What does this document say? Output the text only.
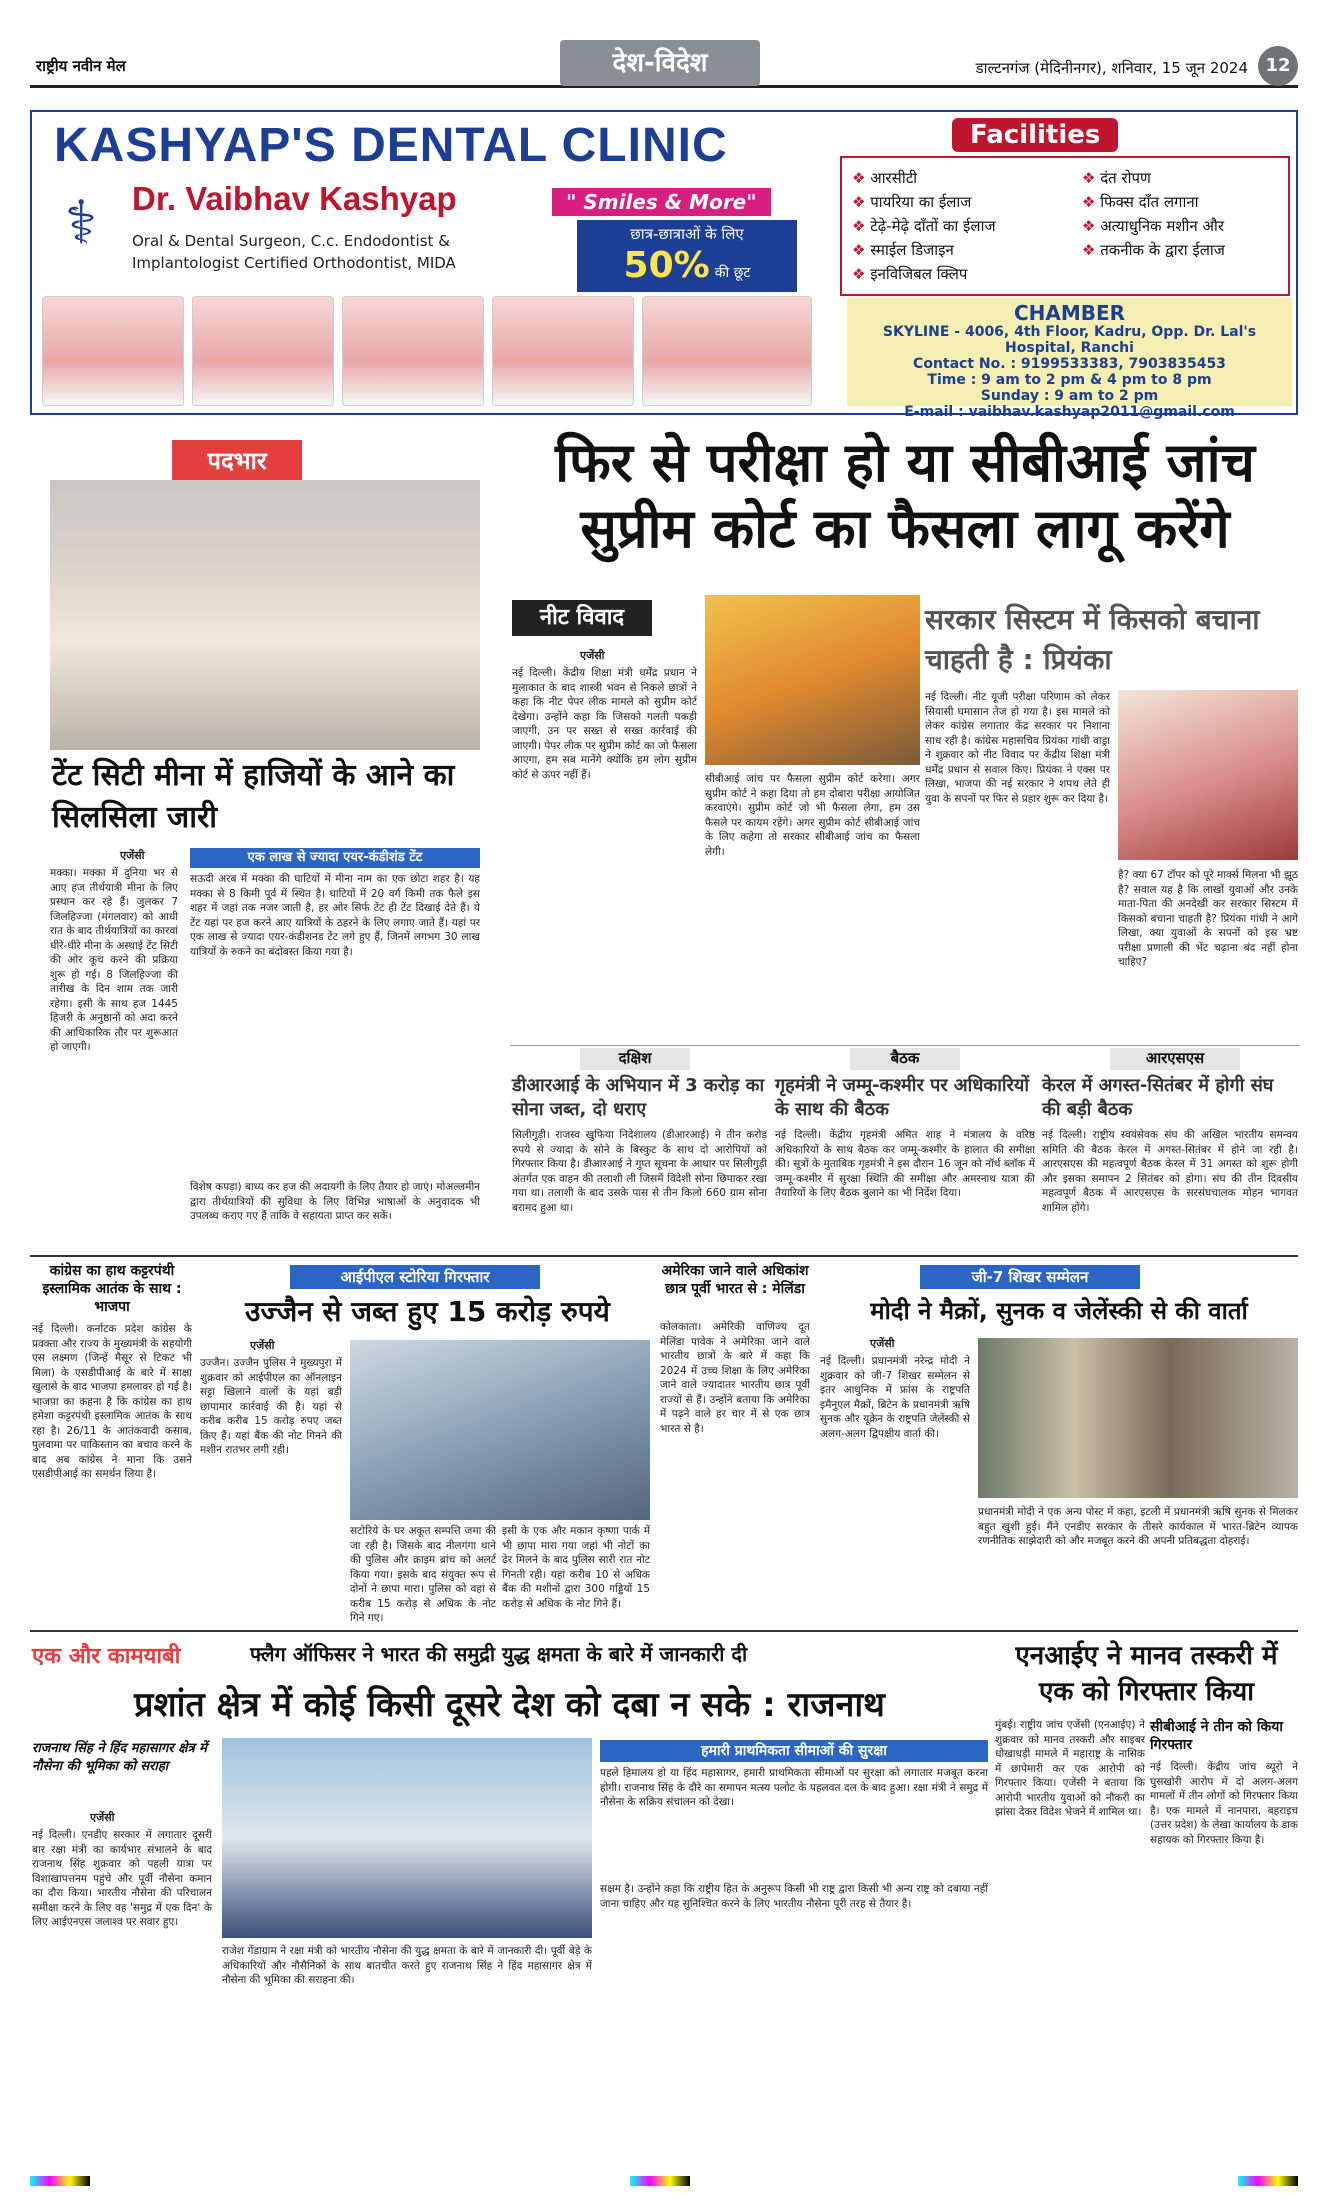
राष्ट्रीय नवीन मेल	देश-विदेश	डाल्टनगंज (मेदिनीनगर), शनिवार, 15 जून 2024 12
KASHYAP'S DENTAL CLINIC
⚕	Dr. Vaibhav Kashyap
Oral & Dental Surgeon, C.c. Endodontist &
Implantologist Certified Orthodontist, MIDA
" Smiles & More"
छात्र-छात्राओं के लिए
50% की छूट
Facilities
❖ आरसीटी
❖ पायरिया का ईलाज
❖ टेढ़े-मेढ़े दाँतों का ईलाज
❖ स्माईल डिजाइन
❖ इनविजिबल क्लिप
❖ दंत रोपण
❖ फिक्स दाँत लगाना
❖ अत्याधुनिक मशीन और
❖ तकनीक के द्वारा ईलाज
CHAMBER
SKYLINE - 4006, 4th Floor, Kadru, Opp. Dr. Lal's Hospital, Ranchi
Contact No. : 9199533383, 7903835453
Time : 9 am to 2 pm & 4 pm to 8 pm
Sunday : 9 am to 2 pm
E-mail : vaibhav.kashyap2011@gmail.com
पदभार
टेंट सिटी मीना में हाजियों के आने का सिलसिला जारी
एजेंसी
मक्का। मक्का में दुनिया भर से आए हज तीर्थयात्री मीना के लिए प्रस्थान कर रहे हैं। जुलकर 7 जिलहिज्जा (मंगलवार) को आधी रात के बाद तीर्थयात्रियों का कारवां धीरे-धीरे मीना के अस्थाई टेंट सिटी की ओर कूच करने की प्रक्रिया शुरू हो गई। 8 जिलहिज्जा की तारीख के दिन शाम तक जारी रहेगा। इसी के साथ हज 1445 हिजरी के अनुष्ठानों को अदा करने की आधिकारिक तौर पर शुरूआत हो जाएगी।
एक लाख से ज्यादा एयर-कंडीशंड टेंट
सऊदी अरब में मक्का की घाटियों में मीना नाम का एक छोटा शहर है। यह मक्का से 8 किमी पूर्व में स्थित है। घाटियों में 20 वर्ग किमी तक फैले इस शहर में जहां तक नजर जाती है, हर ओर सिर्फ टेंट ही टेंट दिखाई देते हैं। ये टेंट यहां पर हज करने आए यात्रियों के ठहरने के लिए लगाए जाते हैं। यहां पर एक लाख से ज्यादा एयर-कंडीशनड टेंट लगे हुए हैं, जिनमें लगभग 30 लाख यात्रियों के रुकने का बंदोबस्त किया गया है।
विशेष कपड़ा) बाध्य कर हज की अदायगी के लिए तैयार हो जाएं। मोअल्लमीन द्वारा तीर्थयात्रियों की सुविधा के लिए विभिन्न भाषाओं के अनुवादक भी उपलब्ध कराए गए हैं ताकि वे सहायता प्राप्त कर सकें।
फिर से परीक्षा हो या सीबीआई जांच
सुप्रीम कोर्ट का फैसला लागू करेंगे
नीट विवाद
एजेंसी
नई दिल्ली। केंद्रीय शिक्षा मंत्री धर्मेंद्र प्रधान ने मुलाकात के बाद शास्त्री भवन से निकले छात्रों ने कहा कि नीट पेपर लीक मामले को सुप्रीम कोर्ट देखेगा। उन्होंने कहा कि जिसको गलती पकड़ी जाएगी, उन पर सख्त से सख्त कार्रवाई की जाएगी। पेपर लीक पर सुप्रीम कोर्ट का जो फैसला आएगा, हम सब मानेंगे क्योंकि हम लोग सुप्रीम कोर्ट से ऊपर नहीं हैं।	सीबीआई जांच पर फैसला सुप्रीम कोर्ट करेगा। अगर सुप्रीम कोर्ट ने कहा दिया तो हम दोबारा परीक्षा आयोजित करवाएंगे। सुप्रीम कोर्ट जो भी फैसला लेगा, हम उस फैसले पर कायम रहेंगे। अगर सुप्रीम कोर्ट सीबीआई जांच के लिए कहेगा तो सरकार सीबीआई जांच का फैसला लेगी।
सरकार सिस्टम में किसको बचाना चाहती है : प्रियंका
नई दिल्ली। नीट यूजी परीक्षा परिणाम को लेकर सियासी घमासान तेज हो गया है। इस मामले को लेकर कांग्रेस लगातार केंद्र सरकार पर निशाना साध रही है। कांग्रेस महासचिव प्रियंका गांधी वाड्रा ने शुक्रवार को नीट विवाद पर केंद्रीय शिक्षा मंत्री धर्मेंद्र प्रधान से सवाल किए। प्रियंका ने एक्स पर लिखा, भाजपा की नई सरकार ने शपथ लेते ही युवा के सपनों पर फिर से प्रहार शुरू कर दिया है।
है? क्या 67 टॉपर को पूरे मार्क्स मिलना भी झूठ है? सवाल यह है कि लाखों युवाओं और उनके माता-पिता की अनदेखी कर सरकार सिस्टम में किसको बचाना चाहती है? प्रियंका गांधी ने आगे लिखा, क्या युवाओं के सपनों को इस भ्रष्ट परीक्षा प्रणाली की भेंट चढ़ाना बंद नहीं होना चाहिए?
दक्षिश
डीआरआई के अभियान में 3 करोड़ का सोना जब्त, दो धराए
सिलीगुड़ी। राजस्व खुफिया निदेशालय (डीआरआई) ने तीन करोड़ रुपये से ज्यादा के सोने के बिस्कुट के साथ दो आरोपियों को गिरफ्तार किया है। डीआरआई ने गुप्त सूचना के आधार पर सिलीगुड़ी अंतर्गत एक वाहन की तलाशी ली जिसमें विदेशी सोना छिपाकर रखा गया था। तलाशी के बाद उसके पास से तीन किलो 660 ग्राम सोना बरामद हुआ था।
बैठक
गृहमंत्री ने जम्मू-कश्मीर पर अधिकारियों के साथ की बैठक
नई दिल्ली। केंद्रीय गृहमंत्री अमित शाह ने मंत्रालय के वरिष्ठ अधिकारियों के साथ बैठक कर जम्मू-कश्मीर के हालात की समीक्षा की। सूत्रों के मुताबिक गृहमंत्री ने इस दौरान 16 जून को नॉर्थ ब्लॉक में जम्मू-कश्मीर में सुरक्षा स्थिति की समीक्षा और अमरनाथ यात्रा की तैयारियों के लिए बैठक बुलाने का भी निर्देश दिया।
आरएसएस
केरल में अगस्त-सितंबर में होगी संघ की बड़ी बैठक
नई दिल्ली। राष्ट्रीय स्वयंसेवक संघ की अखिल भारतीय समन्वय समिति की बैठक केरल में अगस्त-सितंबर में होने जा रही है। आरएसएस की महत्वपूर्ण बैठक केरल में 31 अगस्त को शुरू होगी और इसका समापन 2 सितंबर को होगा। संघ की तीन दिवसीय महत्वपूर्ण बैठक में आरएसएस के सरसंघचालक मोहन भागवत शामिल होंगे।
कांग्रेस का हाथ कट्टरपंथी इस्लामिक आतंक के साथ : भाजपा
नई दिल्ली। कर्नाटक प्रदेश कांग्रेस के प्रवक्ता और राज्य के मुख्यमंत्री के सहयोगी एस लक्ष्मण (जिन्हें मैसूर से टिकट भी मिला) के एसडीपीआई के बारे में साक्षा खुलासे के बाद भाजपा हमलावर हो गई है। भाजपा का कहना है कि कांग्रेस का हाथ हमेशा कट्टरपंथी इस्लामिक आतंक के साथ रहा है। 26/11 के आतंकवादी कसाब, पुलवामा पर पाकिस्तान का बचाव करने के बाद अब कांग्रेस ने माना कि उसने एसडीपीआई का समर्थन लिया है।
आईपीएल स्टोरिया गिरफ्तार
उज्जैन से जब्त हुए 15 करोड़ रुपये
एजेंसी
उज्जैन। उज्जैन पुलिस ने मुख्यपुरा में शुक्रवार को आईपीएल का ऑनलाइन सट्टा खिलाने वालों के यहां बड़ी छापामार कार्रवाई की है। यहां से करीब करीब 15 करोड़ रुपए जब्त किए हैं। यहां बैंक की नोट गिनने की मशीन रातभर लगी रही।
सटोरिये के घर अकूत सम्पत्ति जमा की जा रही है। जिसके बाद नीलगंगा थाने की पुलिस और क्राइम ब्रांच को अलर्ट किया गया। इसके बाद संयुक्त रूप से दोनों ने छापा मारा। पुलिस को वहां से करीब 15 करोड़ से अधिक के नोट गिने गए।
इसी के एक और मकान कृष्णा पार्क में भी छापा मारा गया जहां भी नोटों का ढेर मिलने के बाद पुलिस सारी रात नोट गिनती रही। यहां करीब 10 से अधिक बैंक की मशीनों द्वारा 300 गड्डियों 15 करोड़ से अधिक के नोट गिने हैं।
अमेरिका जाने वाले अधिकांश छात्र पूर्वी भारत से : मेलिंडा
कोलकाता। अमेरिकी वाणिज्य दूत मेलिंडा पावेक ने अमेरिका जाने वाले भारतीय छात्रों के बारे में कहा कि 2024 में उच्च शिक्षा के लिए अमेरिका जाने वाले ज्यादातर भारतीय छात्र पूर्वी राज्यों से हैं। उन्होंने बताया कि अमेरिका में पढ़ने वाले हर चार में से एक छात्र भारत से है।
जी-7 शिखर सम्मेलन
मोदी ने मैक्रों, सुनक व जेलेंस्की से की वार्ता
एजेंसी
नई दिल्ली। प्रधानमंत्री नरेन्द्र मोदी ने शुक्रवार को जी-7 शिखर सम्मेलन से इतर आधुनिक में फ्रांस के राष्ट्रपति इमैनुएल मैक्रों, ब्रिटेन के प्रधानमंत्री ऋषि सुनक और यूक्रेन के राष्ट्रपति जेलेंस्की से अलग-अलग द्विपक्षीय वार्ता की।
प्रधानमंत्री मोदी ने एक अन्य पोस्ट में कहा, इटली में प्रधानमंत्री ऋषि सुनक से मिलकर बहुत खुशी हुई। मैंने एनडीए सरकार के तीसरे कार्यकाल में भारत-ब्रिटेन व्यापक रणनीतिक साझेदारी को और मजबूत करने की अपनी प्रतिबद्धता दोहराई।
एक और कामयाबी	फ्लैग ऑफिसर ने भारत की समुद्री युद्ध क्षमता के बारे में जानकारी दी
प्रशांत क्षेत्र में कोई किसी दूसरे देश को दबा न सके : राजनाथ
राजनाथ सिंह ने हिंद महासागर क्षेत्र में नौसेना की भूमिका को सराहा
एजेंसी
नई दिल्ली। एनडीए सरकार में लगातार दूसरी बार रक्षा मंत्री का कार्यभार संभालने के बाद राजनाथ सिंह शुक्रवार को पहली यात्रा पर विशाखापत्तनम पहुंचे और पूर्वी नौसेना कमान का दौरा किया। भारतीय नौसेना की परिचालन समीक्षा करने के लिए वह 'समुद्र में एक दिन' के लिए आईएनएस जलाश्व पर सवार हुए।
राजेश गेंडाग्राम ने रक्षा मंत्री को भारतीय नौसेना की युद्ध क्षमता के बारे में जानकारी दी। पूर्वी बेड़े के अधिकारियों और नौसैनिकों के साथ बातचीत करते हुए राजनाथ सिंह ने हिंद महासागर क्षेत्र में नौसेना की भूमिका की सराहना की।
हमारी प्राथमिकता सीमाओं की सुरक्षा
पहले हिमालय हो या हिंद महासागर, हमारी प्राथमिकता सीमाओं पर सुरक्षा को लगातार मजबूत करना होगी। राजनाथ सिंह के दौरे का समापन मत्स्य पलोट के पहलवत दल के बाद हुआ। रक्षा मंत्री ने समुद्र में नौसेना के सक्रिय संचालन को देखा।
सक्षम है। उन्होंने कहा कि राष्ट्रीय हित के अनुरूप किसी भी राष्ट्र द्वारा किसी भी अन्य राष्ट्र को दबाया नहीं जाना चाहिए और यह सुनिश्चित करने के लिए भारतीय नौसेना पूरी तरह से तैयार है।
एनआईए ने मानव तस्करी में एक को गिरफ्तार किया
मुंबई। राष्ट्रीय जांच एजेंसी (एनआईए) ने शुक्रवार को मानव तस्करी और साइबर धोखाधड़ी मामले में महाराष्ट्र के नासिक में छापेमारी कर एक आरोपी को गिरफ्तार किया। एजेंसी ने बताया कि आरोपी भारतीय युवाओं को नौकरी का झांसा देकर विदेश भेजने में शामिल था।
सीबीआई ने तीन को किया गिरफ्तार
नई दिल्ली। केंद्रीय जांच ब्यूरो ने घुसखोरी आरोप में दो अलग-अलग मामलों में तीन लोगों को गिरफ्तार किया है। एक मामले में नानपारा, बहराइच (उत्तर प्रदेश) के लेखा कार्यालय के डाक सहायक को गिरफ्तार किया है।
